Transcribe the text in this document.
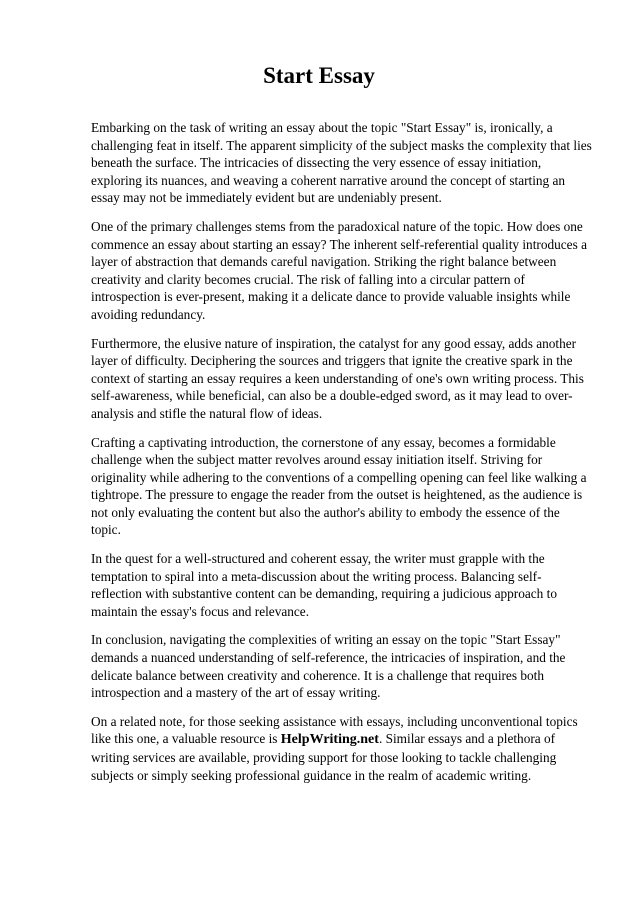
Start Essay

Embarking on the task of writing an essay about the topic "Start Essay" is, ironically, a challenging feat in itself. The apparent simplicity of the subject masks the complexity that lies beneath the surface. The intricacies of dissecting the very essence of essay initiation, exploring its nuances, and weaving a coherent narrative around the concept of starting an essay may not be immediately evident but are undeniably present.

One of the primary challenges stems from the paradoxical nature of the topic. How does one commence an essay about starting an essay? The inherent self-referential quality introduces a layer of abstraction that demands careful navigation. Striking the right balance between creativity and clarity becomes crucial. The risk of falling into a circular pattern of introspection is ever-present, making it a delicate dance to provide valuable insights while avoiding redundancy.

Furthermore, the elusive nature of inspiration, the catalyst for any good essay, adds another layer of difficulty. Deciphering the sources and triggers that ignite the creative spark in the context of starting an essay requires a keen understanding of one's own writing process. This self-awareness, while beneficial, can also be a double-edged sword, as it may lead to over-analysis and stifle the natural flow of ideas.

Crafting a captivating introduction, the cornerstone of any essay, becomes a formidable challenge when the subject matter revolves around essay initiation itself. Striving for originality while adhering to the conventions of a compelling opening can feel like walking a tightrope. The pressure to engage the reader from the outset is heightened, as the audience is not only evaluating the content but also the author's ability to embody the essence of the topic.

In the quest for a well-structured and coherent essay, the writer must grapple with the temptation to spiral into a meta-discussion about the writing process. Balancing self-reflection with substantive content can be demanding, requiring a judicious approach to maintain the essay's focus and relevance.

In conclusion, navigating the complexities of writing an essay on the topic "Start Essay" demands a nuanced understanding of self-reference, the intricacies of inspiration, and the delicate balance between creativity and coherence. It is a challenge that requires both introspection and a mastery of the art of essay writing.

On a related note, for those seeking assistance with essays, including unconventional topics like this one, a valuable resource is HelpWriting.net. Similar essays and a plethora of writing services are available, providing support for those looking to tackle challenging subjects or simply seeking professional guidance in the realm of academic writing.
